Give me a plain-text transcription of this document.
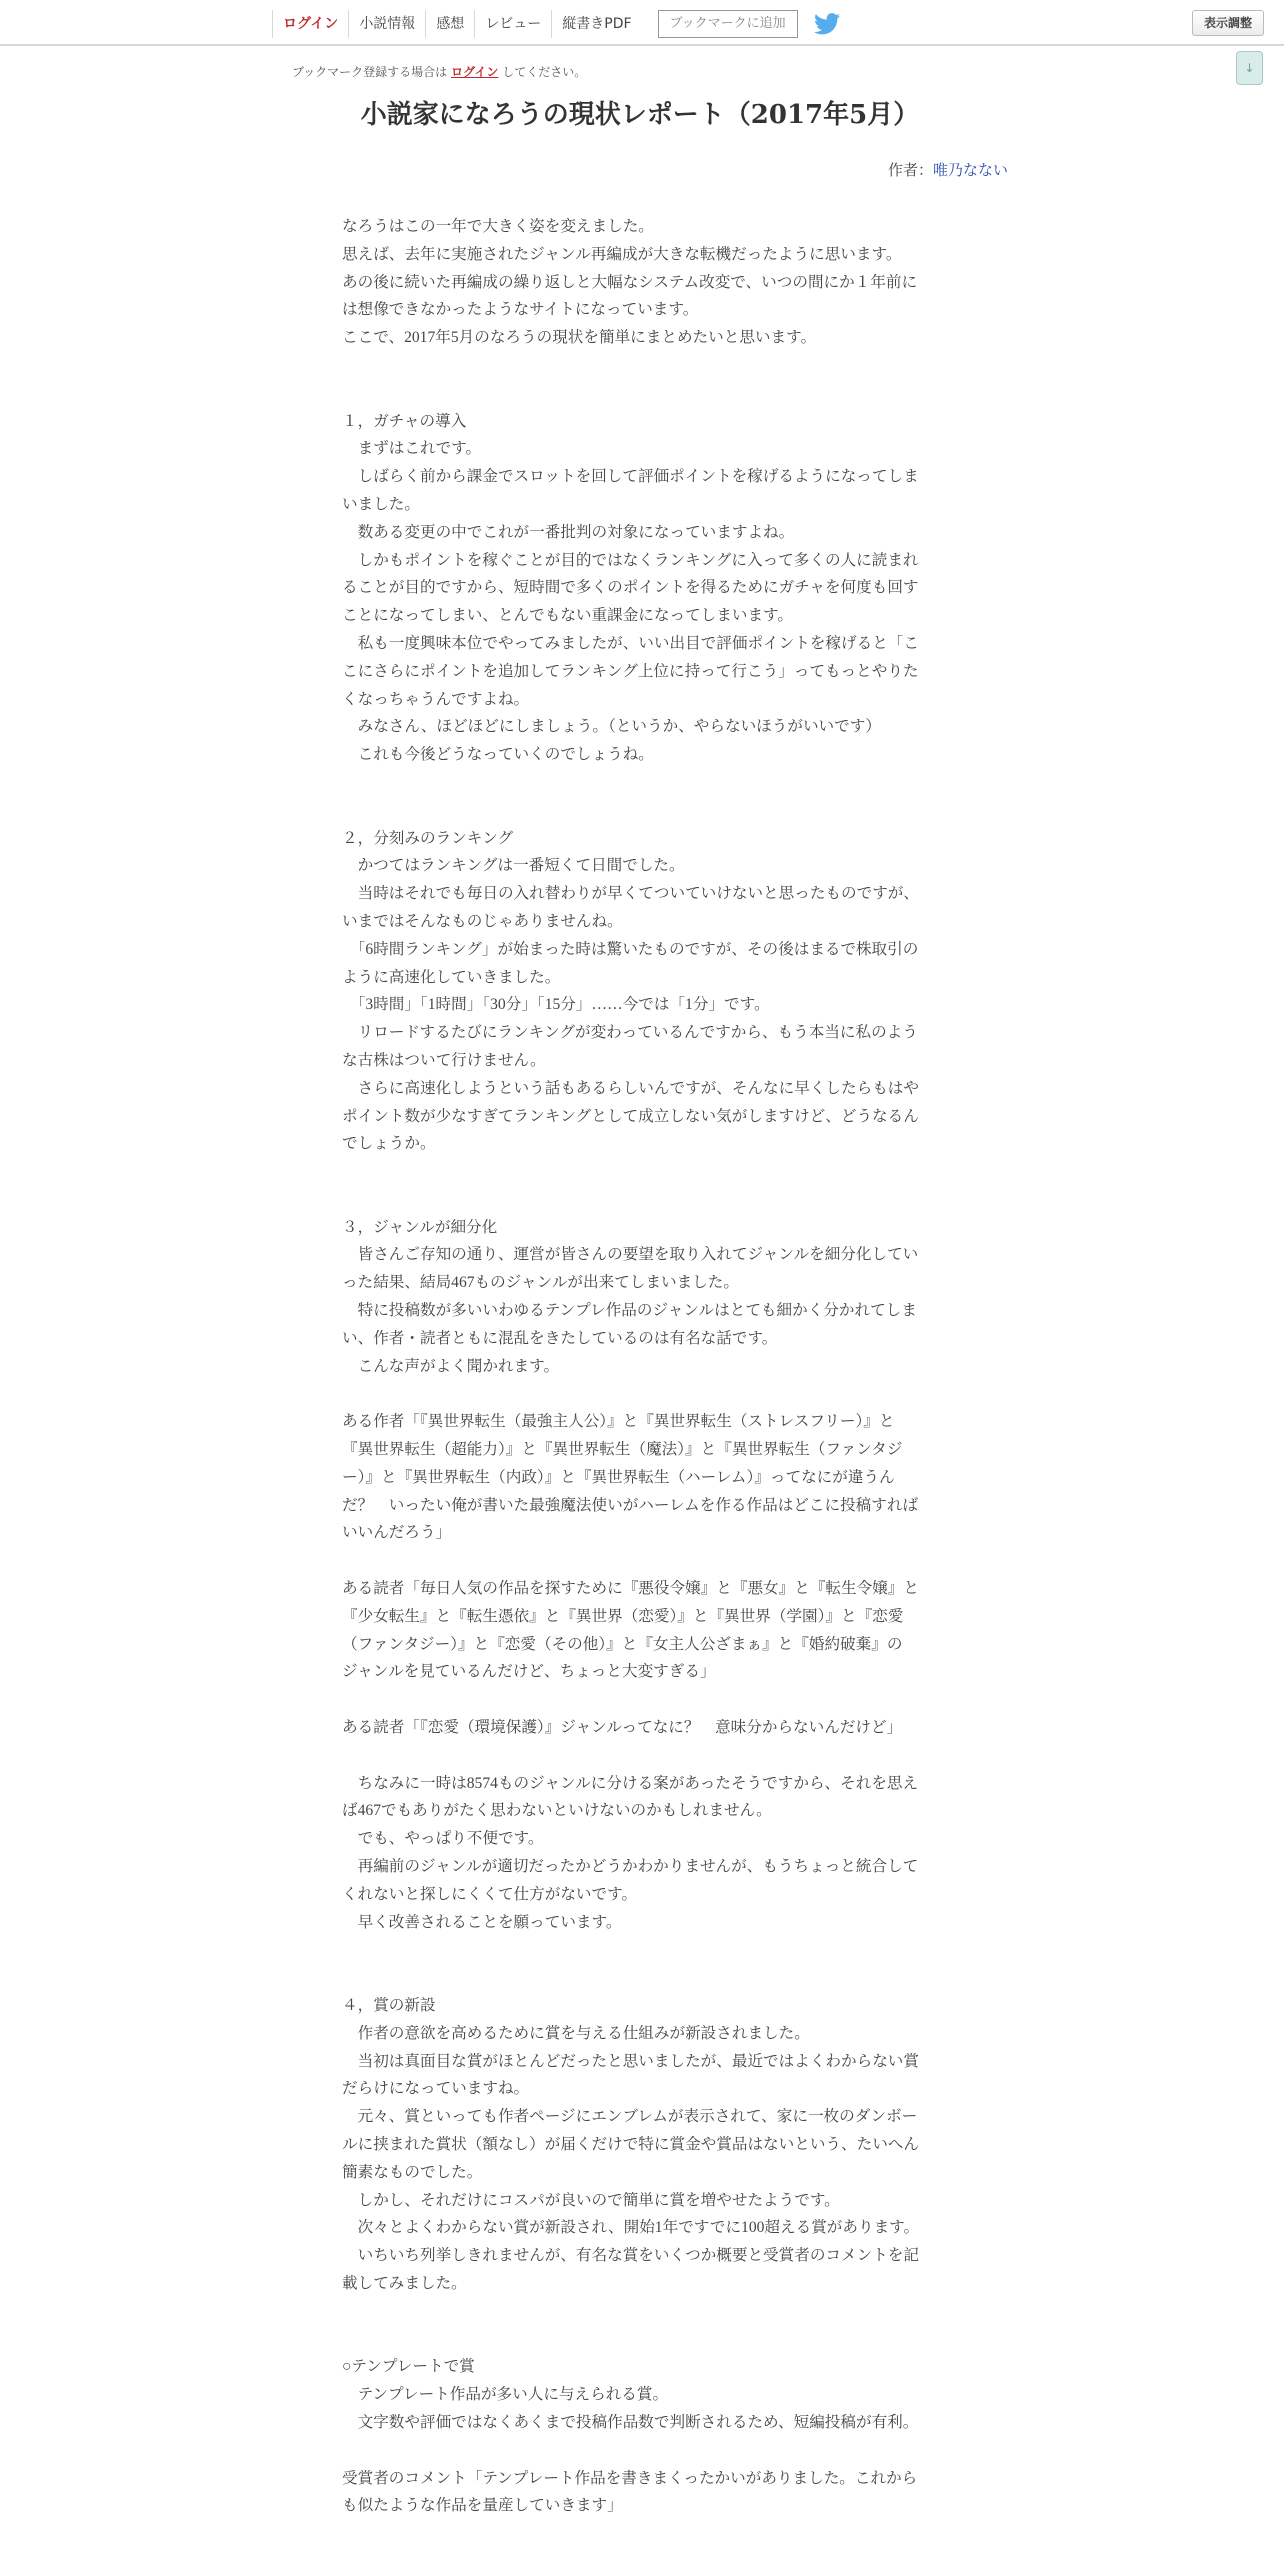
ログイン	小説情報	感想	レビュー	縦書きPDF	ブックマークに追加	表示調整
ブックマーク登録する場合は ログイン してください。	↓
小説家になろうの現状レポート（2017年5月）
作者：唯乃なない
なろうはこの一年で大きく姿を変えました。
思えば、去年に実施されたジャンル再編成が大きな転機だったように思います。
あの後に続いた再編成の繰り返しと大幅なシステム改変で、いつの間にか１年前に
は想像できなかったようなサイトになっています。
ここで、2017年5月のなろうの現状を簡単にまとめたいと思います。
１，ガチャの導入
　まずはこれです。
　しばらく前から課金でスロットを回して評価ポイントを稼げるようになってしま
いました。
　数ある変更の中でこれが一番批判の対象になっていますよね。
　しかもポイントを稼ぐことが目的ではなくランキングに入って多くの人に読まれ
ることが目的ですから、短時間で多くのポイントを得るためにガチャを何度も回す
ことになってしまい、とんでもない重課金になってしまいます。
　私も一度興味本位でやってみましたが、いい出目で評価ポイントを稼げると「こ
こにさらにポイントを追加してランキング上位に持って行こう」ってもっとやりた
くなっちゃうんですよね。
　みなさん、ほどほどにしましょう。（というか、やらないほうがいいです）
　これも今後どうなっていくのでしょうね。
２，分刻みのランキング
　かつてはランキングは一番短くて日間でした。
　当時はそれでも毎日の入れ替わりが早くてついていけないと思ったものですが、
いまではそんなものじゃありませんね。
　「6時間ランキング」が始まった時は驚いたものですが、その後はまるで株取引の
ように高速化していきました。
　「3時間」「1時間」「30分」「15分」……今では「1分」です。
　リロードするたびにランキングが変わっているんですから、もう本当に私のよう
な古株はついて行けません。
　さらに高速化しようという話もあるらしいんですが、そんなに早くしたらもはや
ポイント数が少なすぎてランキングとして成立しない気がしますけど、どうなるん
でしょうか。
３，ジャンルが細分化
　皆さんご存知の通り、運営が皆さんの要望を取り入れてジャンルを細分化してい
った結果、結局467ものジャンルが出来てしまいました。
　特に投稿数が多いいわゆるテンプレ作品のジャンルはとても細かく分かれてしま
い、作者・読者ともに混乱をきたしているのは有名な話です。
　こんな声がよく聞かれます。
ある作者「『異世界転生（最強主人公）』と『異世界転生（ストレスフリー）』と
『異世界転生（超能力）』と『異世界転生（魔法）』と『異世界転生（ファンタジ
ー）』と『異世界転生（内政）』と『異世界転生（ハーレム）』ってなにが違うん
だ？　いったい俺が書いた最強魔法使いがハーレムを作る作品はどこに投稿すれば
いいんだろう」
ある読者「毎日人気の作品を探すために『悪役令嬢』と『悪女』と『転生令嬢』と
『少女転生』と『転生憑依』と『異世界（恋愛）』と『異世界（学園）』と『恋愛
（ファンタジー）』と『恋愛（その他）』と『女主人公ざまぁ』と『婚約破棄』の
ジャンルを見ているんだけど、ちょっと大変すぎる」
ある読者「『恋愛（環境保護）』ジャンルってなに？　意味分からないんだけど」
　ちなみに一時は8574ものジャンルに分ける案があったそうですから、それを思え
ば467でもありがたく思わないといけないのかもしれません。
　でも、やっぱり不便です。
　再編前のジャンルが適切だったかどうかわかりませんが、もうちょっと統合して
くれないと探しにくくて仕方がないです。
　早く改善されることを願っています。
４，賞の新設
　作者の意欲を高めるために賞を与える仕組みが新設されました。
　当初は真面目な賞がほとんどだったと思いましたが、最近ではよくわからない賞
だらけになっていますね。
　元々、賞といっても作者ページにエンブレムが表示されて、家に一枚のダンボー
ルに挟まれた賞状（額なし）が届くだけで特に賞金や賞品はないという、たいへん
簡素なものでした。
　しかし、それだけにコスパが良いので簡単に賞を増やせたようです。
　次々とよくわからない賞が新設され、開始1年ですでに100超える賞があります。
　いちいち列挙しきれませんが、有名な賞をいくつか概要と受賞者のコメントを記
載してみました。
○テンプレートで賞
　テンプレート作品が多い人に与えられる賞。
　文字数や評価ではなくあくまで投稿作品数で判断されるため、短編投稿が有利。
受賞者のコメント「テンプレート作品を書きまくったかいがありました。これから
も似たような作品を量産していきます」
